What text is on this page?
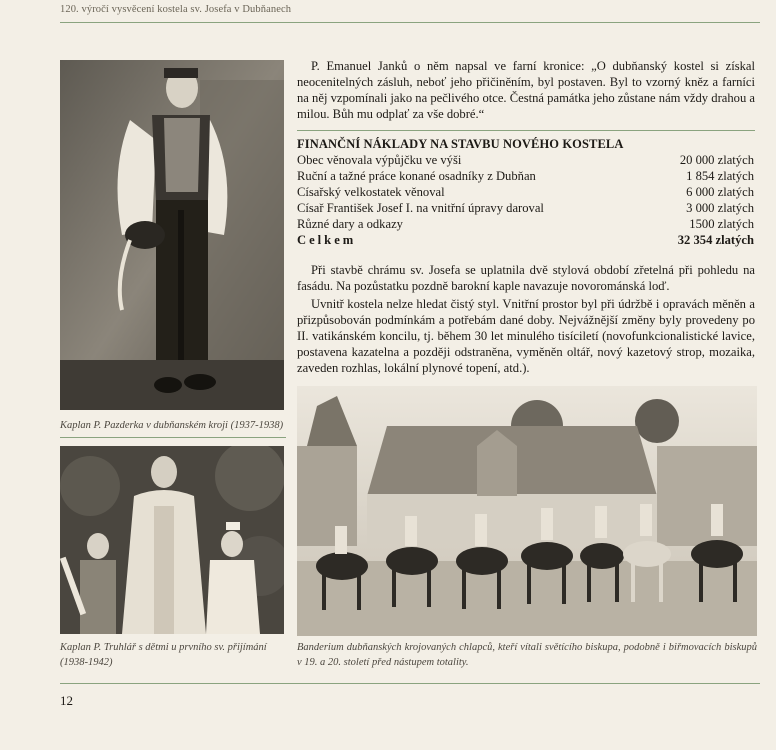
120. výročí vysvěcení kostela sv. Josefa v Dubňanech
Kaplan P. Pazderka v dubňanském kroji (1937-1938)
Kaplan P. Truhlář s dětmi u prvního sv. přijímání (1938-1942)
P. Emanuel Janků o něm napsal ve farní kronice: „O dubňanský kostel si získal neocenitelných zásluh, neboť jeho přičiněním, byl postaven. Byl to vzorný kněz a farníci na něj vzpomínali jako na pečlivého otce. Čestná památka jeho zůstane nám vždy drahou a milou. Bůh mu odplať za vše dobré.“
FINANČNÍ NÁKLADY NA STAVBU NOVÉHO KOSTELA
Obec věnovala výpůjčku ve výši	20 000 zlatých
Ruční a tažné práce konané osadníky z Dubňan	1 854 zlatých
Císařský velkostatek věnoval	6 000 zlatých
Císař František Josef I. na vnitřní úpravy daroval	3 000 zlatých
Různé dary a odkazy	1500 zlatých
Celkem	32 354 zlatých
Při stavbě chrámu sv. Josefa se uplatnila dvě stylová období zřetelná při pohledu na fasádu. Na pozůstatku pozdně barokní kaple navazuje novorománská loď.
Uvnitř kostela nelze hledat čistý styl. Vnitřní prostor byl při údržbě i opravách měněn a přizpůsobován podmínkám a potřebám dané doby. Nejvážnější změny byly provedeny po II. vatikánském koncilu, tj. během 30 let minulého tisíciletí (novofunkcionalistické lavice, postavena kazatelna a později odstraněna, vyměněn oltář, nový kazetový strop, mozaika, zaveden rozhlas, lokální plynové topení, atd.).
Banderium dubňanských krojovaných chlapců, kteří vítali světícího biskupa, podobně i biřmovacích biskupů v 19. a 20. století před nástupem totality.
12
